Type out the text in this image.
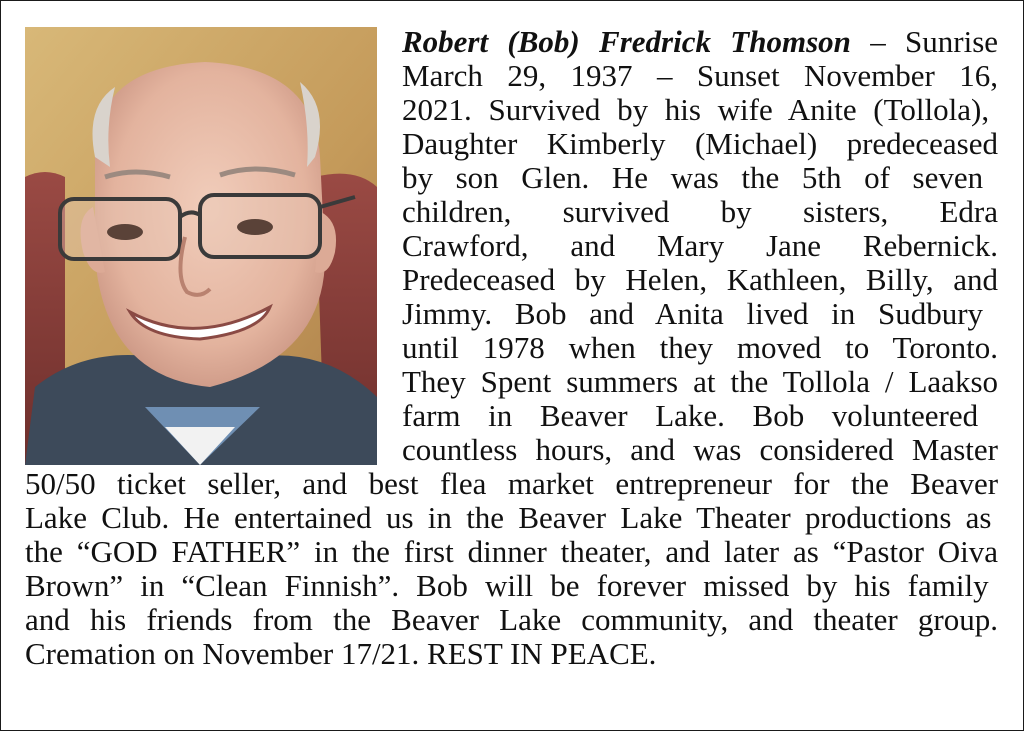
Robert (Bob) Fredrick Thomson – Sunrise
March 29, 1937 – Sunset November 16,
2021. Survived by his wife Anite (Tollola),
Daughter Kimberly (Michael) predeceased
by son Glen. He was the 5th of seven
children, survived by sisters, Edra
Crawford, and Mary Jane Rebernick.
Predeceased by Helen, Kathleen, Billy, and
Jimmy. Bob and Anita lived in Sudbury
until 1978 when they moved to Toronto.
They Spent summers at the Tollola / Laakso
farm in Beaver Lake. Bob volunteered
countless hours, and was considered Master
50/50 ticket seller, and best flea market entrepreneur for the Beaver
Lake Club. He entertained us in the Beaver Lake Theater productions as
the “GOD FATHER” in the first dinner theater, and later as “Pastor Oiva
Brown” in “Clean Finnish”. Bob will be forever missed by his family
and his friends from the Beaver Lake community, and theater group.
Cremation on November 17/21. REST IN PEACE.
